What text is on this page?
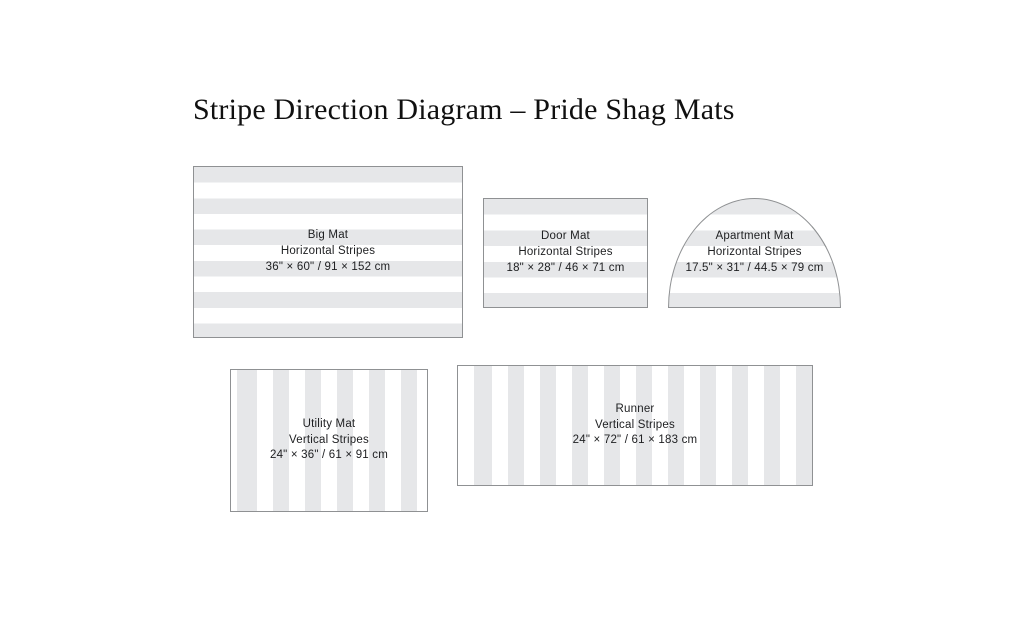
Stripe Direction Diagram – Pride Shag Mats
Big Mat
Horizontal Stripes
36" × 60" / 91 × 152 cm
Door Mat
Horizontal Stripes
18" × 28" / 46 × 71 cm
Apartment Mat
Horizontal Stripes
17.5" × 31" / 44.5 × 79 cm
Utility Mat
Vertical Stripes
24" × 36" / 61 × 91 cm
Runner
Vertical Stripes
24" × 72" / 61 × 183 cm
